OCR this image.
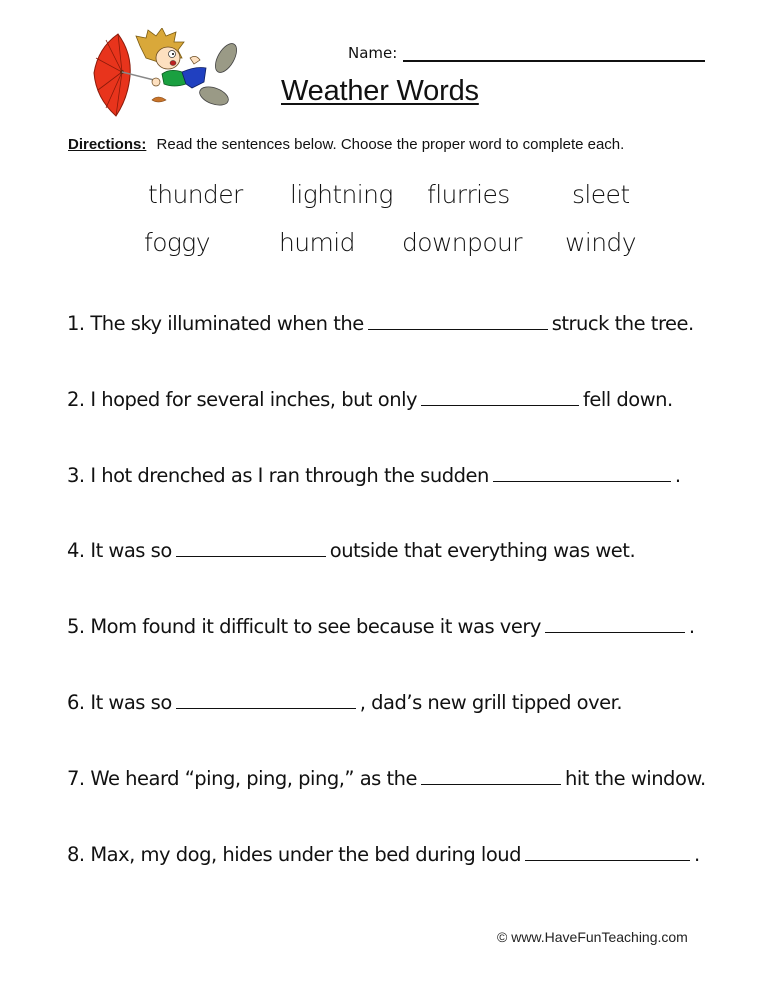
Name:
Weather Words
Directions: Read the sentences below. Choose the proper word to complete each.
thunder lightning flurries sleet
foggy	humid downpour windy
1. The sky illuminated when the	struck the tree.
2. I hoped for several inches, but only	fell down.
3. I hot drenched as I ran through the sudden	.
4. It was so	outside that everything was wet.
5. Mom found it difficult to see because it was very	.
6. It was so	, dad’s new grill tipped over.
7. We heard “ping, ping, ping,” as the	hit the window.
8. Max, my dog, hides under the bed during loud	.
© www.HaveFunTeaching.com
